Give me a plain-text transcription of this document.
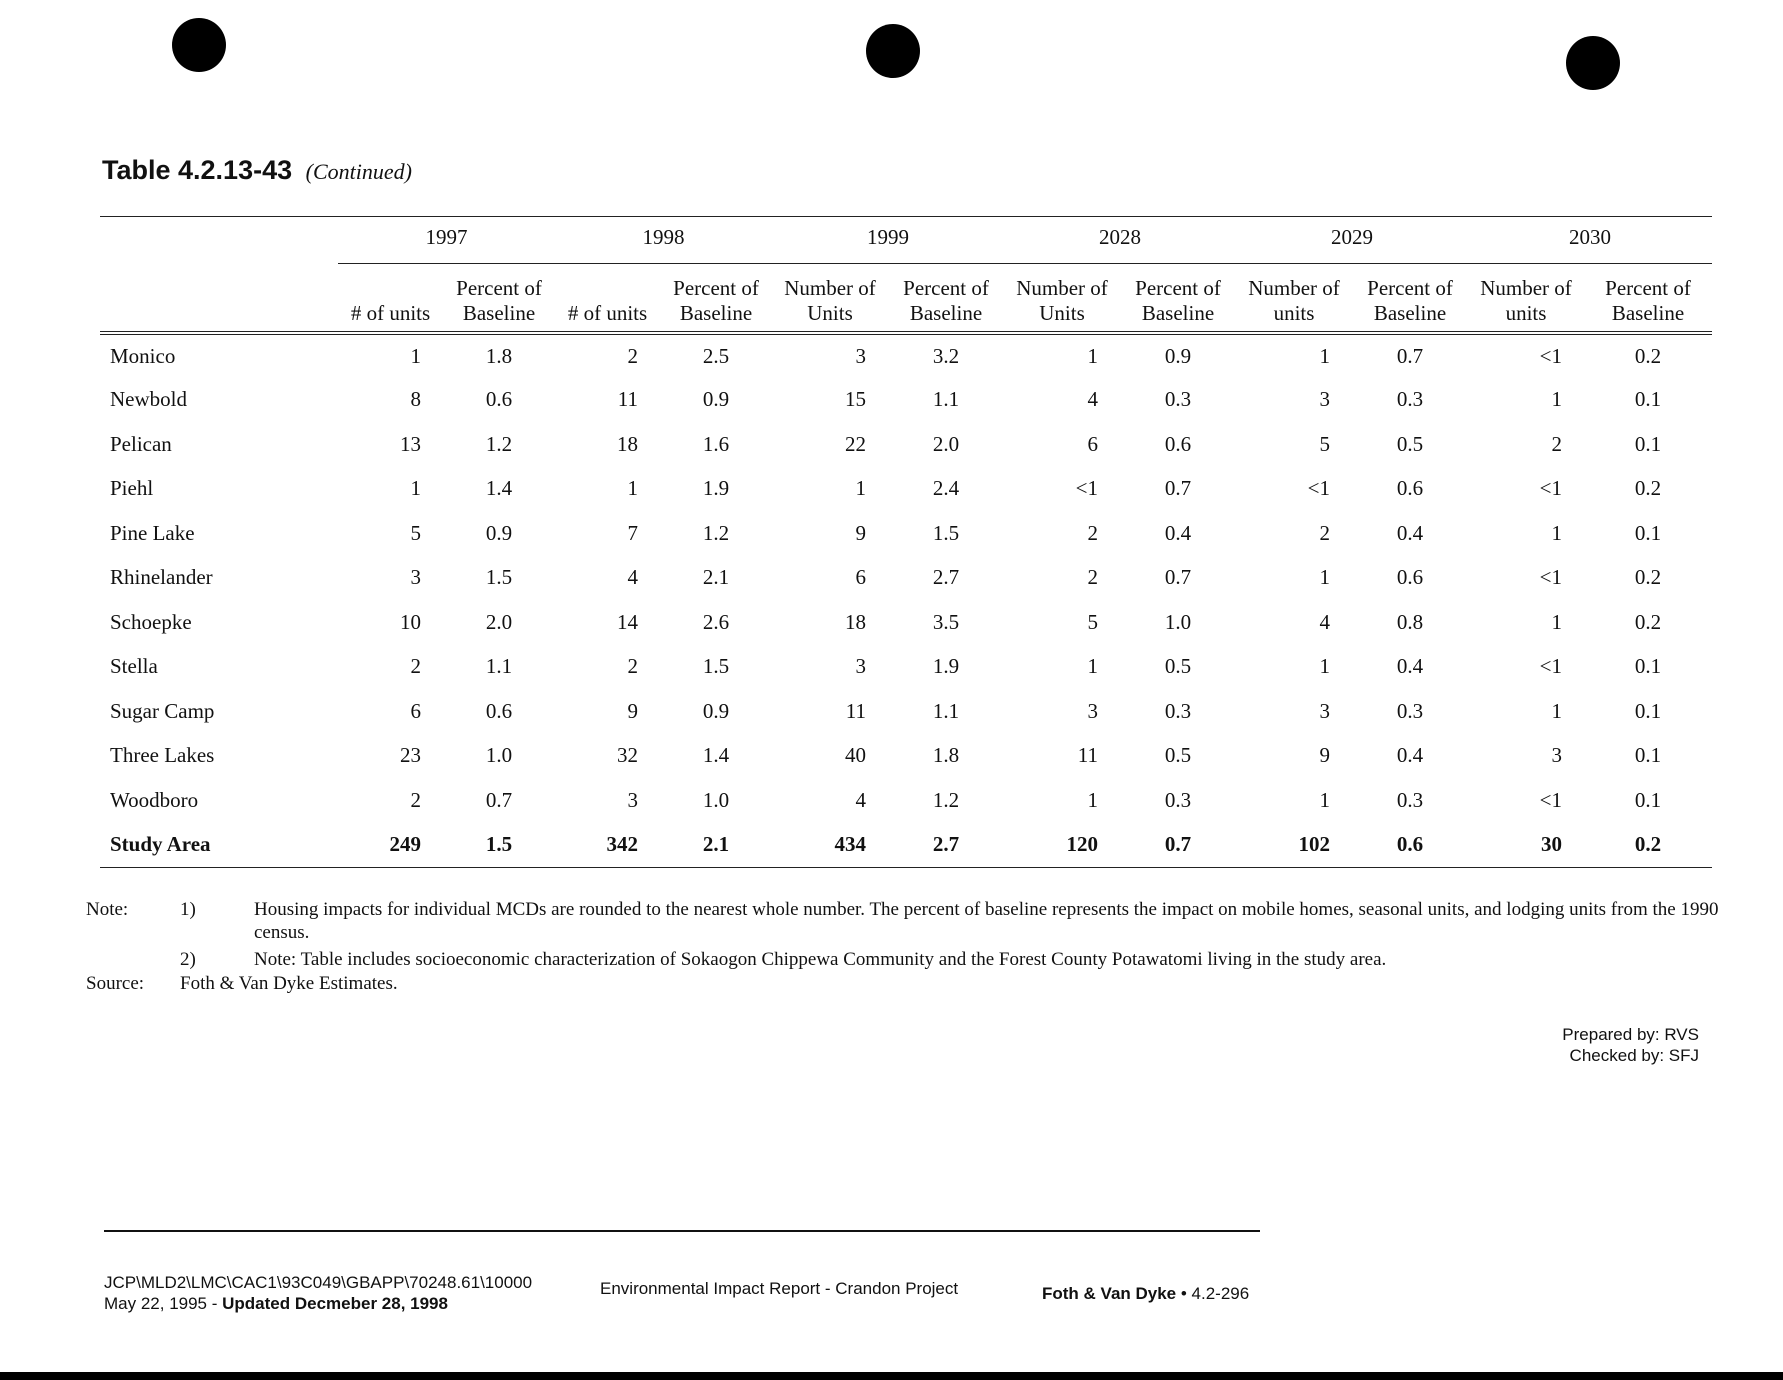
Table 4.2.13-43 (Continued)
	1997		1998		1999		2028		2029		2030	
	# of units	Percent of Baseline	# of units	Percent of Baseline	Number of Units	Percent of Baseline	Number of Units	Percent of Baseline	Number of units	Percent of Baseline	Number of units	Percent of Baseline
Monico	1	1.8	2	2.5	3	3.2	1	0.9	1	0.7	<1	0.2
Newbold	8	0.6	11	0.9	15	1.1	4	0.3	3	0.3	1	0.1
Pelican	13	1.2	18	1.6	22	2.0	6	0.6	5	0.5	2	0.1
Piehl	1	1.4	1	1.9	1	2.4	<1	0.7	<1	0.6	<1	0.2
Pine Lake	5	0.9	7	1.2	9	1.5	2	0.4	2	0.4	1	0.1
Rhinelander	3	1.5	4	2.1	6	2.7	2	0.7	1	0.6	<1	0.2
Schoepke	10	2.0	14	2.6	18	3.5	5	1.0	4	0.8	1	0.2
Stella	2	1.1	2	1.5	3	1.9	1	0.5	1	0.4	<1	0.1
Sugar Camp	6	0.6	9	0.9	11	1.1	3	0.3	3	0.3	1	0.1
Three Lakes	23	1.0	32	1.4	40	1.8	11	0.5	9	0.4	3	0.1
Woodboro	2	0.7	3	1.0	4	1.2	1	0.3	1	0.3	<1	0.1
Study Area	249	1.5	342	2.1	434	2.7	120	0.7	102	0.6	30	0.2
Note:	1)	Housing impacts for individual MCDs are rounded to the nearest whole number. The percent of baseline represents the impact on mobile homes, seasonal units, and lodging units from the 1990 census.
2)	Note: Table includes socioeconomic characterization of Sokaogon Chippewa Community and the Forest County Potawatomi living in the study area.
Source:	Foth & Van Dyke Estimates.
Prepared by: RVS
Checked by: SFJ
JCP\MLD2\LMC\CAC1\93C049\GBAPP\70248.61\10000
May 22, 1995 - Updated Decmeber 28, 1998
Environmental Impact Report - Crandon Project	Foth & Van Dyke • 4.2-296
